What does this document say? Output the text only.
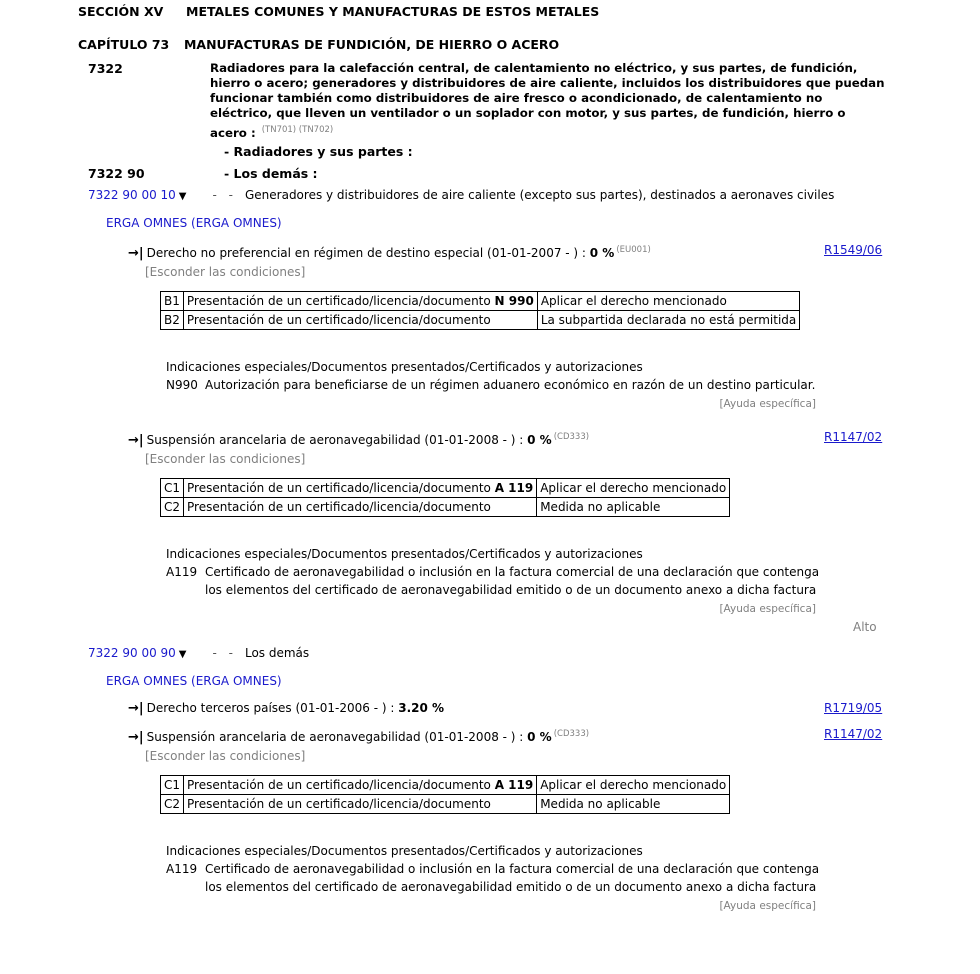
SECCIÓN XV METALES COMUNES Y MANUFACTURAS DE ESTOS METALES
CAPÍTULO 73 MANUFACTURAS DE FUNDICIÓN, DE HIERRO O ACERO
7322	Radiadores para la calefacción central, de calentamiento no eléctrico, y sus partes, de fundición,
hierro o acero; generadores y distribuidores de aire caliente, incluidos los distribuidores que puedan
funcionar también como distribuidores de aire fresco o acondicionado, de calentamiento no
eléctrico, que lleven un ventilador o un soplador con motor, y sus partes, de fundición, hierro o
acero : $^{(TN701) (TN702)}$
- Radiadores y sus partes :
7322 90	- Los demás :
7322 90 00 10 ▼ - - Generadores y distribuidores de aire caliente (excepto sus partes), destinados a aeronaves civiles
ERGA OMNES (ERGA OMNES)
→| Derecho no preferencial en régimen de destino especial (01-01-2007 - ) : 0 % $^{(EU001)}$	R1549/06
[Esconder las condiciones]
B1	Presentación de un certificado/licencia/documento N 990	Aplicar el derecho mencionado
B2	Presentación de un certificado/licencia/documento	La subpartida declarada no está permitida
Indicaciones especiales/Documentos presentados/Certificados y autorizaciones
N990 Autorización para beneficiarse de un régimen aduanero económico en razón de un destino particular.
[Ayuda específica]
→| Suspensión arancelaria de aeronavegabilidad (01-01-2008 - ) : 0 % $^{(CD333)}$	R1147/02
[Esconder las condiciones]
C1	Presentación de un certificado/licencia/documento A 119	Aplicar el derecho mencionado
C2	Presentación de un certificado/licencia/documento	Medida no aplicable
Indicaciones especiales/Documentos presentados/Certificados y autorizaciones
A119 Certificado de aeronavegabilidad o inclusión en la factura comercial de una declaración que contenga los elementos del certificado de aeronavegabilidad emitido o de un documento anexo a dicha factura
[Ayuda específica]
Alto
7322 90 00 90 ▼ - - Los demás
ERGA OMNES (ERGA OMNES)
→| Derecho terceros países (01-01-2006 - ) : 3.20 %	R1719/05
→| Suspensión arancelaria de aeronavegabilidad (01-01-2008 - ) : 0 % $^{(CD333)}$	R1147/02
[Esconder las condiciones]
C1	Presentación de un certificado/licencia/documento A 119	Aplicar el derecho mencionado
C2	Presentación de un certificado/licencia/documento	Medida no aplicable
Indicaciones especiales/Documentos presentados/Certificados y autorizaciones
A119 Certificado de aeronavegabilidad o inclusión en la factura comercial de una declaración que contenga los elementos del certificado de aeronavegabilidad emitido o de un documento anexo a dicha factura
[Ayuda específica]
